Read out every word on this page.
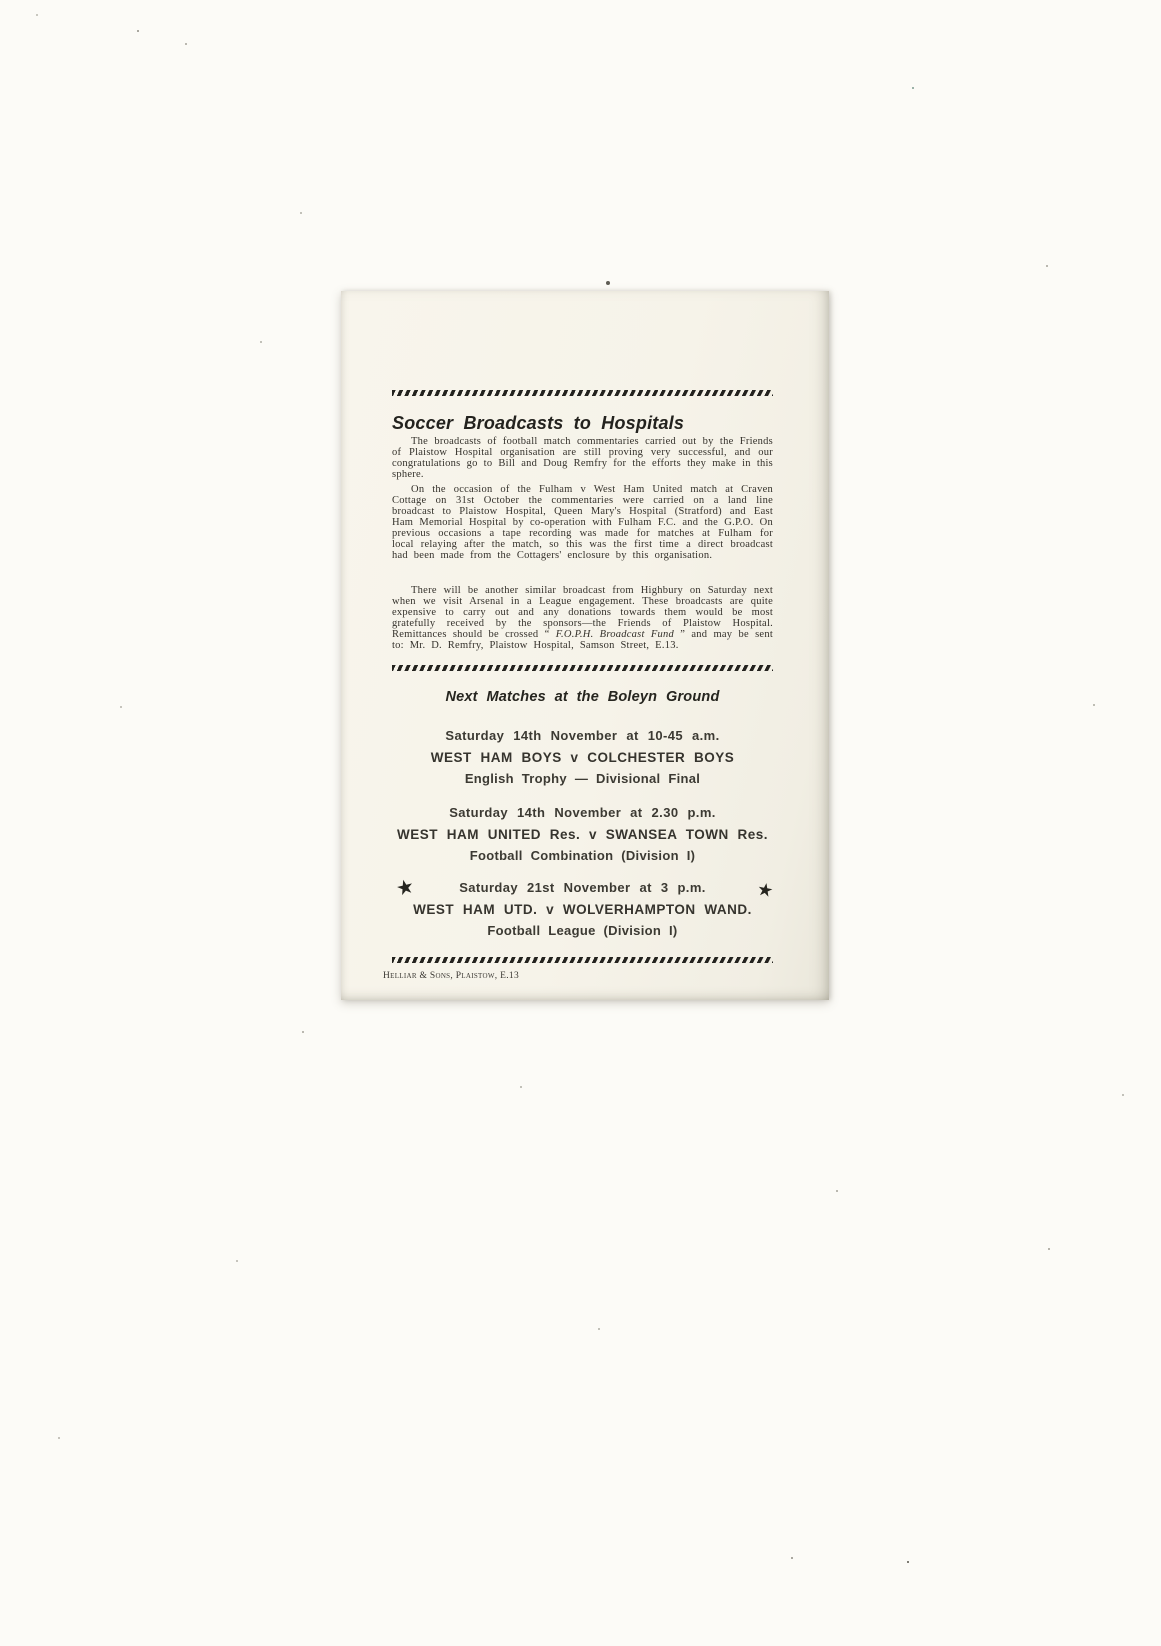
Soccer Broadcasts to Hospitals

The broadcasts of football match commentaries carried out by the Friends of Plaistow Hospital organisation are still proving very successful, and our congratulations go to Bill and Doug Remfry for the efforts they make in this sphere.

On the occasion of the Fulham v West Ham United match at Craven Cottage on 31st October the commentaries were carried on a land line broadcast to Plaistow Hospital, Queen Mary's Hospital (Stratford) and East Ham Memorial Hospital by co-operation with Fulham F.C. and the G.P.O. On previous occasions a tape recording was made for matches at Fulham for local relaying after the match, so this was the first time a direct broadcast had been made from the Cottagers' enclosure by this organisation.

There will be another similar broadcast from Highbury on Saturday next when we visit Arsenal in a League engagement. These broadcasts are quite expensive to carry out and any donations towards them would be most gratefully received by the sponsors—the Friends of Plaistow Hospital. Remittances should be crossed “ F.O.P.H. Broadcast Fund ” and may be sent to: Mr. D. Remfry, Plaistow Hospital, Samson Street, E.13.

Next Matches at the Boleyn Ground
Saturday 14th November at 10-45 a.m.
WEST HAM BOYS v COLCHESTER BOYS
English Trophy — Divisional Final
Saturday 14th November at 2.30 p.m.
WEST HAM UNITED Res. v SWANSEA TOWN Res.
Football Combination (Division I)
★	★
Saturday 21st November at 3 p.m.
WEST HAM UTD. v WOLVERHAMPTON WAND.
Football League (Division I)
Helliar & Sons, Plaistow, E.13
